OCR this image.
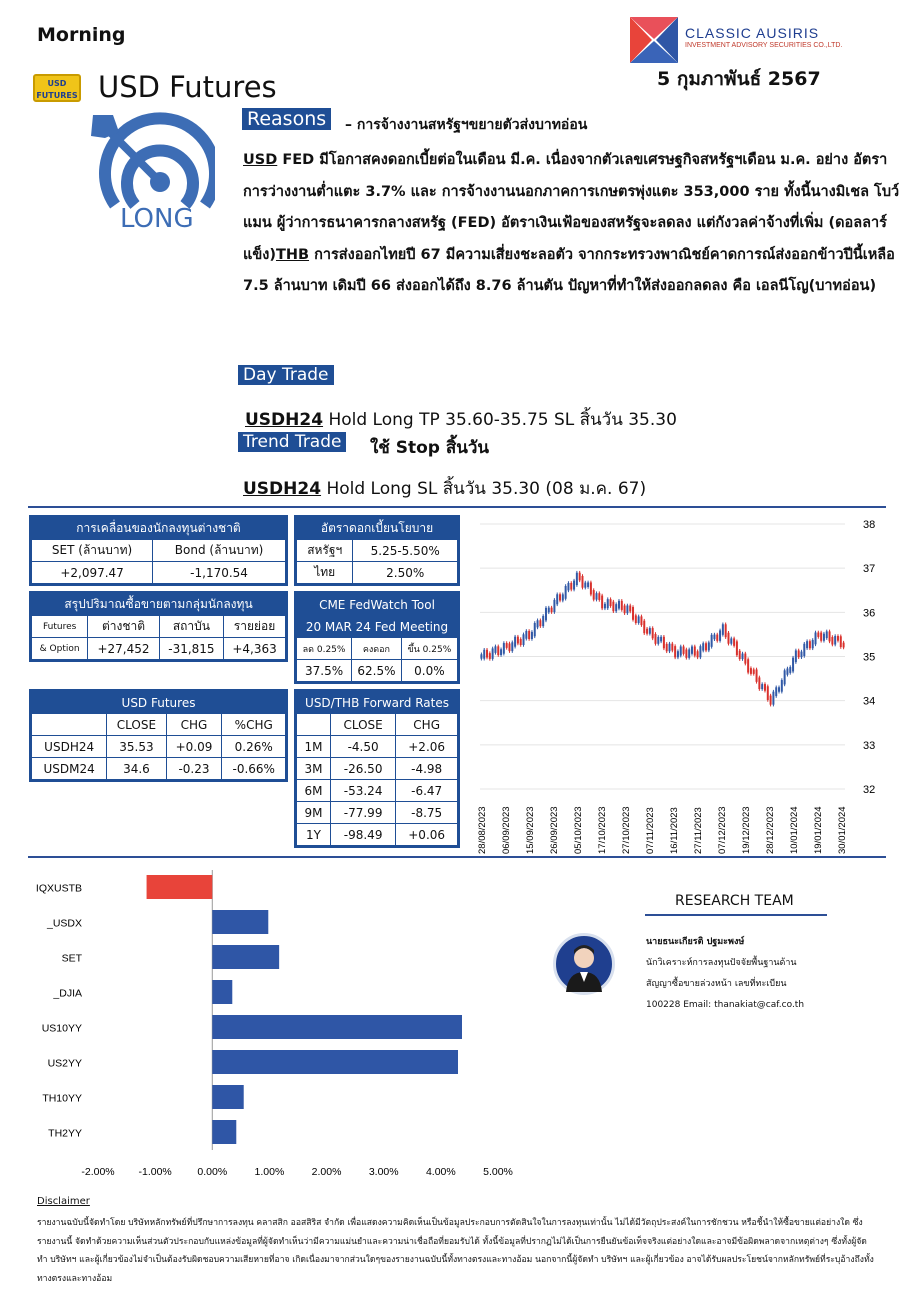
Morning
USD FUTURES USD Futures
CLASSIC AUSIRIS
INVESTMENT ADVISORY SECURITIES CO.,LTD.
5 กุมภาพันธ์ 2567
LONG
Reasons	– การจ้างงานสหรัฐฯขยายตัวส่งบาทอ่อน
USD FED มีโอกาสคงดอกเบี้ยต่อในเดือน มี.ค. เนื่องจากตัวเลขเศรษฐกิจสหรัฐฯเดือน ม.ค. อย่าง อัตราการว่างงานต่ำแตะ 3.7% และ การจ้างงานนอกภาคการเกษตรพุ่งแตะ 353,000 ราย ทั้งนี้นางมิเชล โบว์แมน ผู้ว่าการธนาคารกลางสหรัฐ (FED) อัตราเงินเฟ้อของสหรัฐจะลดลง แต่กังวลค่าจ้างที่เพิ่ม (ดอลลาร์แข็ง)THB การส่งออกไทยปี 67 มีความเสี่ยงชะลอตัว จากกระทรวงพาณิชย์คาดการณ์ส่งออกข้าวปีนี้เหลือ 7.5 ล้านบาท เดิมปี 66 ส่งออกได้ถึง 8.76 ล้านตัน ปัญหาที่ทำให้ส่งออกลดลง คือ เอลนีโญ(บาทอ่อน)
Day Trade
USDH24 Hold Long TP 35.60-35.75 SL สิ้นวัน 35.30
Trend Trade ใช้ Stop สิ้นวัน
USDH24 Hold Long SL สิ้นวัน 35.30 (08 ม.ค. 67)
การเคลื่อนของนักลงทุนต่างชาติ	
SET (ล้านบาท)	Bond (ล้านบาท)
+2,097.47	-1,170.54
อัตราดอกเบี้ยนโยบาย	
สหรัฐฯ	5.25-5.50%
ไทย	2.50%
สรุปปริมาณซื้อขายตามกลุ่มนักลงทุน			
Futures	ต่างชาติ	สถาบัน	รายย่อย
& Option	+27,452	-31,815	+4,363
CME FedWatch Tool		
20 MAR 24 Fed Meeting		
ลด 0.25%	คงดอก	ขึ้น 0.25%
37.5%	62.5%	0.0%
USD Futures			
	CLOSE	CHG	%CHG
USDH24	35.53	+0.09	0.26%
USDM24	34.6	-0.23	-0.66%
USD/THB Forward Rates		
	CLOSE	CHG
1M	-4.50	+2.06
3M	-26.50	-4.98
6M	-53.24	-6.47
9M	-77.99	-8.75
1Y	-98.49	+0.06
32
33
34
35
36
37
38
28/08/2023 06/09/2023 15/09/2023 26/09/2023 05/10/2023 17/10/2023 27/10/2023 07/11/2023 16/11/2023 27/11/2023 07/12/2023 19/12/2023 28/12/2023 10/01/2024 19/01/2024 30/01/2024
IQXUSTB
_USDX
SET
_DJIA
US10YY
US2YY
TH10YY
TH2YY
-2.00% -1.00% 0.00%	1.00%	2.00%	3.00%	4.00%	5.00%
RESEARCH TEAM
นายธนะเกียรติ ปฐมะพงษ์
นักวิเคราะห์การลงทุนปัจจัยพื้นฐานด้าน
สัญญาซื้อขายล่วงหน้า เลขที่ทะเบียน
100228 Email: thanakiat@caf.co.th
Disclaimer
รายงานฉบับนี้จัดทำโดย บริษัทหลักทรัพย์ที่ปรึกษาการลงทุน คลาสสิก ออสสิริส จำกัด เพื่อแสดงความคิดเห็นเป็นข้อมูลประกอบการตัดสินใจในการลงทุนเท่านั้น ไม่ได้มีวัตถุประสงค์ในการชักชวน หรือชี้นำให้ซื้อขายแต่อย่างใด ซึ่งรายงานนี้ จัดทำด้วยความเห็นส่วนตัวประกอบกับแหล่งข้อมูลที่ผู้จัดทำเห็นว่ามีความแม่นยำและความน่าเชื่อถือที่ยอมรับได้ ทั้งนี้ข้อมูลที่ปรากฏไม่ได้เป็นการยืนยันข้อเท็จจริงแต่อย่างใดและอาจมีข้อผิดพลาดจากเหตุต่างๆ ซึ่งทั้งผู้จัดทำ บริษัทฯ และผู้เกี่ยวข้องไม่จำเป็นต้องรับผิดชอบความเสียหายที่อาจ เกิดเนื่องมาจากส่วนใดๆของรายงานฉบับนี้ทั้งทางตรงและทางอ้อม นอกจากนี้ผู้จัดทำ บริษัทฯ และผู้เกี่ยวข้อง อาจได้รับผลประโยชน์จากหลักทรัพย์ที่ระบุอ้างถึงทั้งทางตรงและทางอ้อม
